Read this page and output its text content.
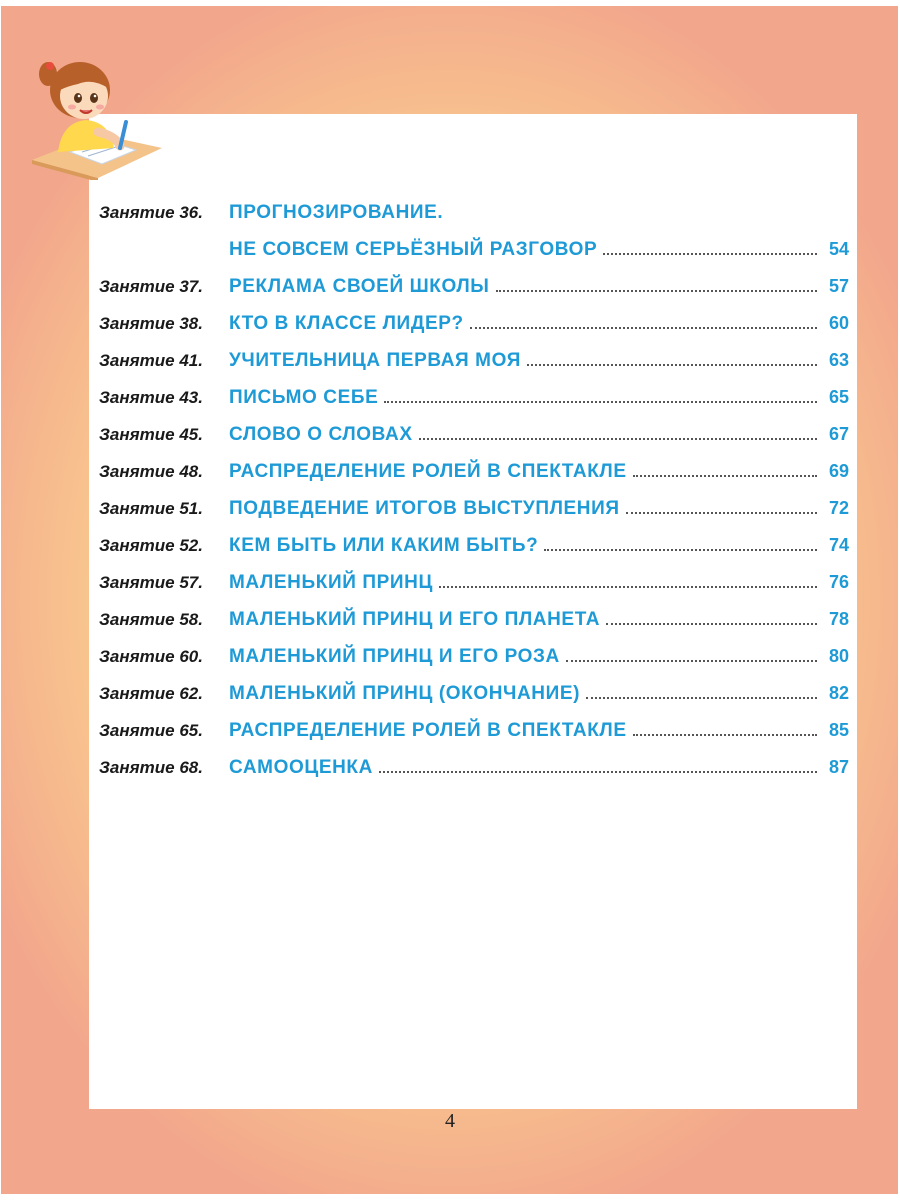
Занятие 36.	ПРОГНОЗИРОВАНИЕ.
НЕ СОВСЕМ СЕРЬЁЗНЫЙ РАЗГОВОР	54
Занятие 37.	РЕКЛАМА СВОЕЙ ШКОЛЫ	57
Занятие 38.	КТО В КЛАССЕ ЛИДЕР?	60
Занятие 41.	УЧИТЕЛЬНИЦА ПЕРВАЯ МОЯ	63
Занятие 43.	ПИСЬМО СЕБЕ	65
Занятие 45.	СЛОВО О СЛОВАХ	67
Занятие 48.	РАСПРЕДЕЛЕНИЕ РОЛЕЙ В СПЕКТАКЛЕ	69
Занятие 51.	ПОДВЕДЕНИЕ ИТОГОВ ВЫСТУПЛЕНИЯ	72
Занятие 52.	КЕМ БЫТЬ ИЛИ КАКИМ БЫТЬ?	74
Занятие 57.	МАЛЕНЬКИЙ ПРИНЦ	76
Занятие 58.	МАЛЕНЬКИЙ ПРИНЦ И ЕГО ПЛАНЕТА	78
Занятие 60.	МАЛЕНЬКИЙ ПРИНЦ И ЕГО РОЗА	80
Занятие 62.	МАЛЕНЬКИЙ ПРИНЦ (ОКОНЧАНИЕ)	82
Занятие 65.	РАСПРЕДЕЛЕНИЕ РОЛЕЙ В СПЕКТАКЛЕ	85
Занятие 68.	САМООЦЕНКА	87
4
